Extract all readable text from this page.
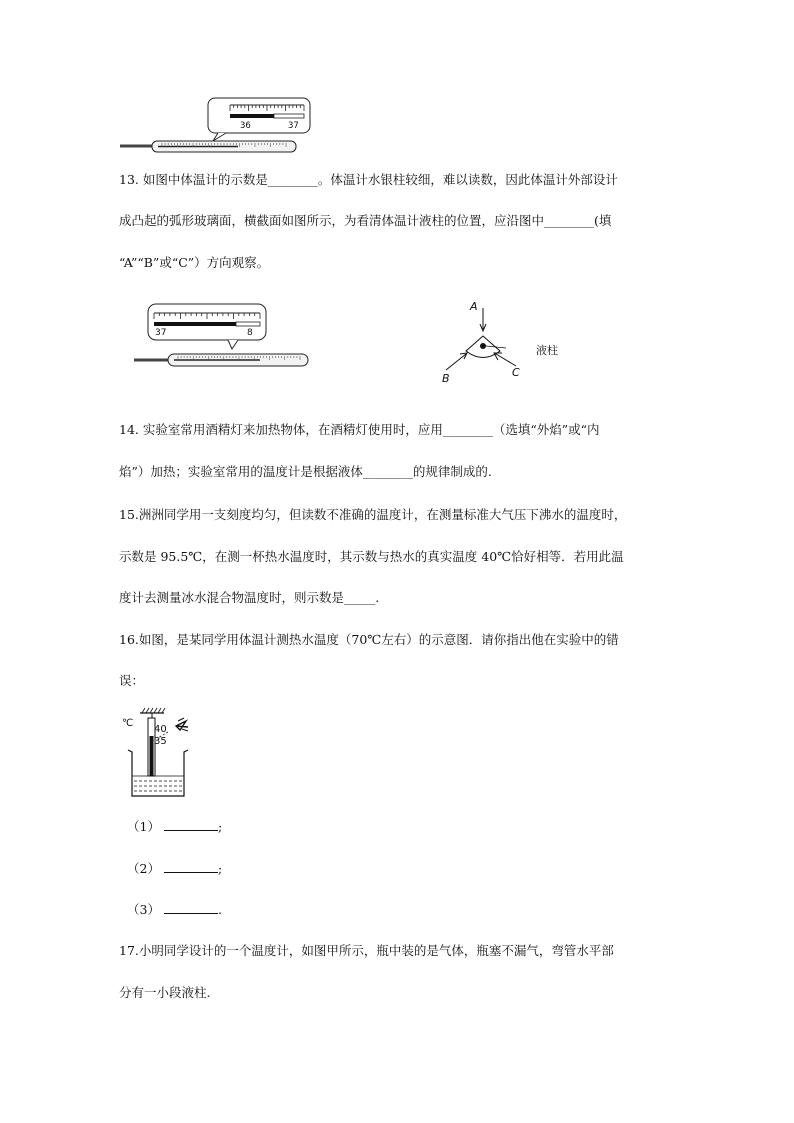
36	37
13. 如图中体温计的示数是________。体温计水银柱较细，难以读数，因此体温计外部设计
成凸起的弧形玻璃面，横截面如图所示，为看清体温计液柱的位置，应沿图中________(填
“A”“B”或“C”）方向观察。
37	8
A
B	C
液柱
14. 实验室常用酒精灯来加热物体，在酒精灯使用时，应用________（选填“外焰”或“内
焰”）加热；实验室常用的温度计是根据液体________的规律制成的.
15.洲洲同学用一支刻度均匀，但读数不准确的温度计，在测量标准大气压下沸水的温度时，
示数是 95.5℃，在测一杯热水温度时，其示数与热水的真实温度 40℃恰好相等．若用此温
度计去测量冰水混合物温度时，则示数是_____.
16.如图，是某同学用体温计测热水温度（70℃左右）的示意图．请你指出他在实验中的错
误：
℃
40
35
（1）	;
（2）	;
（3）	.
17.小明同学设计的一个温度计，如图甲所示，瓶中装的是气体，瓶塞不漏气，弯管水平部
分有一小段液柱.
